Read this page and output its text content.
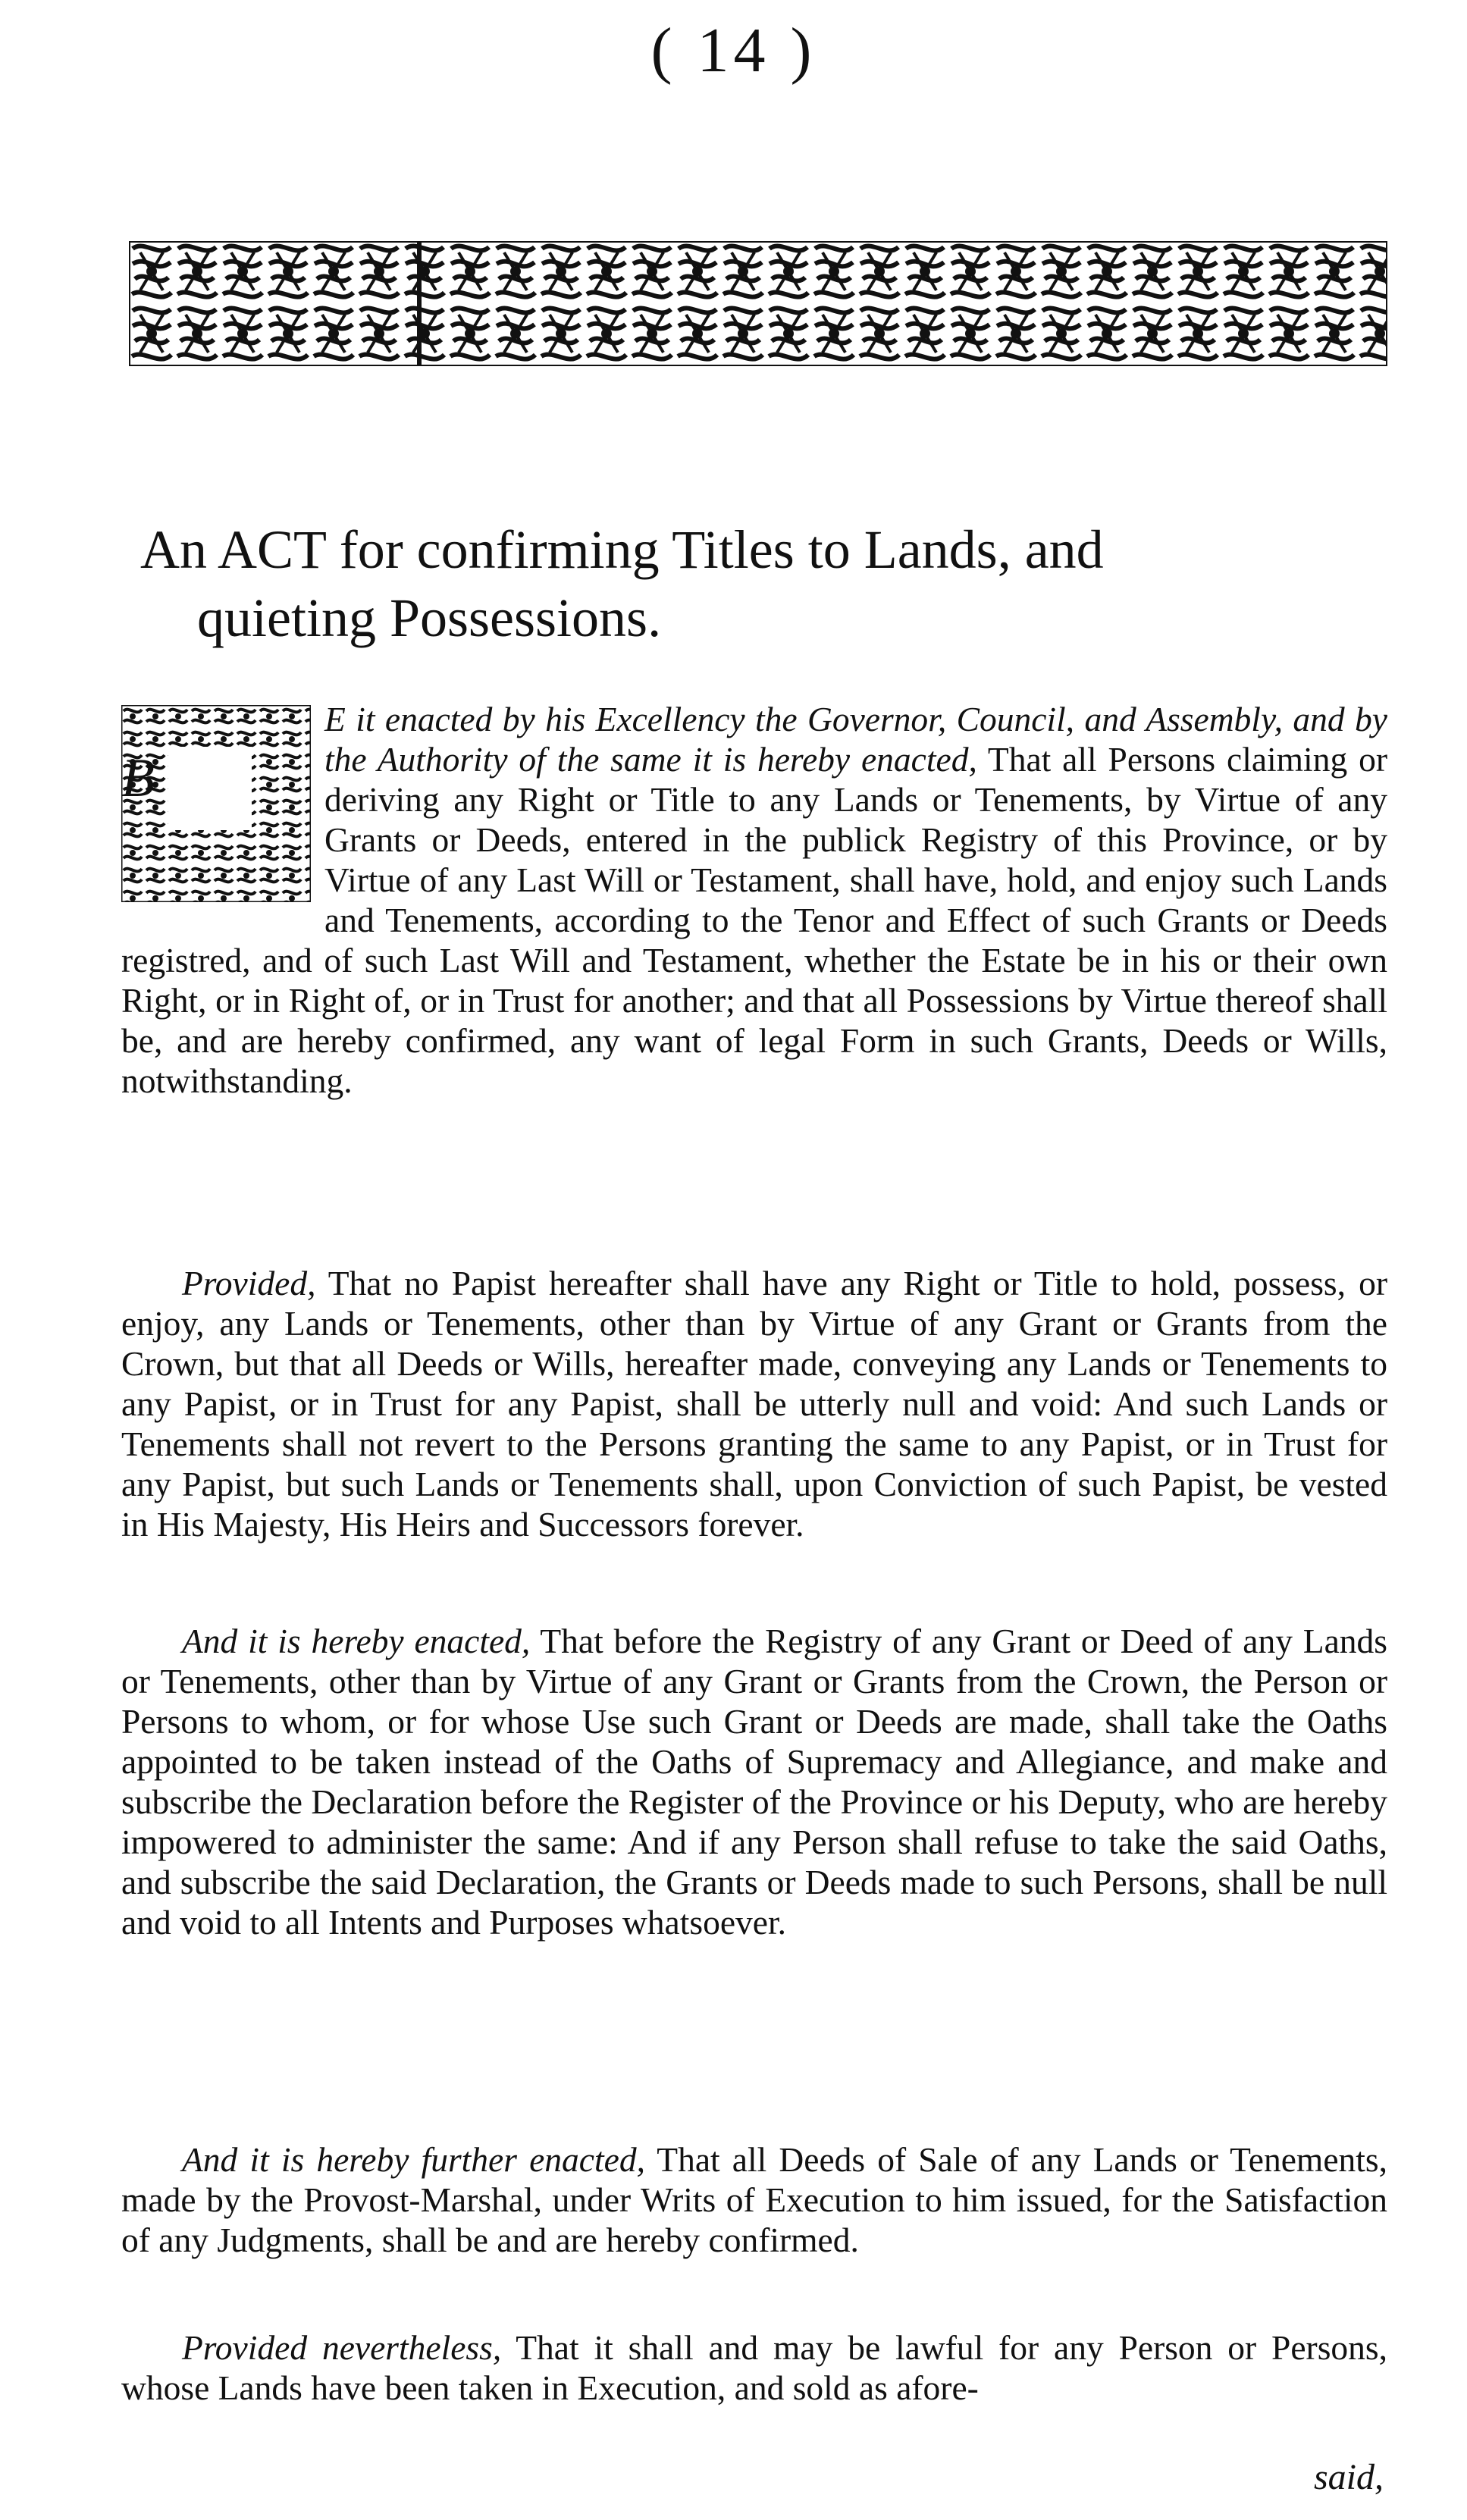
( 14 )
An ACT for confirming Titles to Lands, and
quieting Possessions.
B

E it enacted by his Excellency the Governor, Council, and Assembly, and by the Authority of the same it is hereby enacted, That all Persons claiming or deriving any Right or Title to any Lands or Tenements, by Virtue of any Grants or Deeds, entered in the publick Registry of this Province, or by Virtue of any Last Will or Testament, shall have, hold, and enjoy such Lands and Tenements, according to the Tenor and Effect of such Grants or Deeds registred, and of such Last Will and Testament, whether the Estate be in his or their own Right, or in Right of, or in Trust for another; and that all Possessions by Virtue thereof shall be, and are hereby confirmed, any want of legal Form in such Grants, Deeds or Wills, notwithstanding.

Provided, That no Papist hereafter shall have any Right or Title to hold, possess, or enjoy, any Lands or Tenements, other than by Virtue of any Grant or Grants from the Crown, but that all Deeds or Wills, hereafter made, conveying any Lands or Tenements to any Papist, or in Trust for any Papist, shall be utterly null and void: And such Lands or Tenements shall not revert to the Persons granting the same to any Papist, or in Trust for any Papist, but such Lands or Tenements shall, upon Conviction of such Papist, be vested in His Majesty, His Heirs and Successors forever.

And it is hereby enacted, That before the Registry of any Grant or Deed of any Lands or Tenements, other than by Virtue of any Grant or Grants from the Crown, the Person or Persons to whom, or for whose Use such Grant or Deeds are made, shall take the Oaths appointed to be taken instead of the Oaths of Supremacy and Allegiance, and make and subscribe the Declaration before the Register of the Province or his Deputy, who are hereby impowered to administer the same: And if any Person shall refuse to take the said Oaths, and subscribe the said Declaration, the Grants or Deeds made to such Persons, shall be null and void to all Intents and Purposes whatsoever.

And it is hereby further enacted, That all Deeds of Sale of any Lands or Tenements, made by the Provost-Marshal, under Writs of Execution to him issued, for the Satisfaction of any Judgments, shall be and are hereby confirmed.

Provided nevertheless, That it shall and may be lawful for any Person or Persons, whose Lands have been taken in Execution, and sold as afore-

said,
